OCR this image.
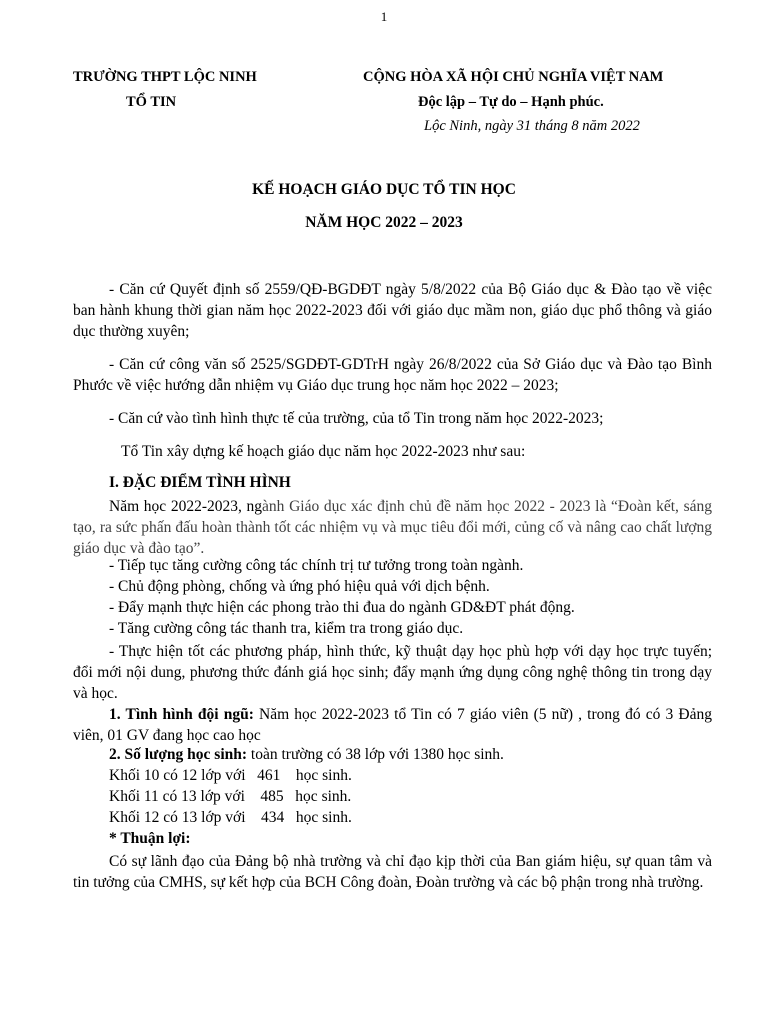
1
TRƯỜNG THPT LỘC NINH
TỔ TIN
CỘNG HÒA XÃ HỘI CHỦ NGHĨA VIỆT NAM
Độc lập – Tự do – Hạnh phúc.
Lộc Ninh, ngày 31 tháng 8 năm 2022
KẾ HOẠCH GIÁO DỤC TỔ TIN HỌC
NĂM HỌC 2022 – 2023
- Căn cứ Quyết định số 2559/QĐ-BGDĐT ngày 5/8/2022 của Bộ Giáo dục & Đào tạo về việc ban hành khung thời gian năm học 2022-2023 đối với giáo dục mầm non, giáo dục phổ thông và giáo dục thường xuyên;
- Căn cứ công văn số 2525/SGDĐT-GDTrH ngày 26/8/2022 của Sở Giáo dục và Đào tạo Bình Phước về việc hướng dẫn nhiệm vụ Giáo dục trung học năm học 2022 – 2023;
- Căn cứ vào tình hình thực tế của trường, của tổ Tin trong năm học 2022-2023;
Tổ Tin xây dựng kế hoạch giáo dục năm học 2022-2023 như sau:
I. ĐẶC ĐIỂM TÌNH HÌNH
Năm học 2022-2023, ngành Giáo dục xác định chủ đề năm học 2022 - 2023 là “Đoàn kết, sáng tạo, ra sức phấn đấu hoàn thành tốt các nhiệm vụ và mục tiêu đổi mới, củng cố và nâng cao chất lượng giáo dục và đào tạo”.
- Tiếp tục tăng cường công tác chính trị tư tưởng trong toàn ngành.
- Chủ động phòng, chống và ứng phó hiệu quả với dịch bệnh.
- Đẩy mạnh thực hiện các phong trào thi đua do ngành GD&ĐT phát động.
- Tăng cường công tác thanh tra, kiểm tra trong giáo dục.
- Thực hiện tốt các phương pháp, hình thức, kỹ thuật dạy học phù hợp với dạy học trực tuyến; đổi mới nội dung, phương thức đánh giá học sinh; đẩy mạnh ứng dụng công nghệ thông tin trong dạy và học.
1. Tình hình đội ngũ: Năm học 2022-2023 tổ Tin có 7 giáo viên (5 nữ) , trong đó có 3 Đảng viên, 01 GV đang học cao học
2. Số lượng học sinh: toàn trường có 38 lớp với 1380 học sinh.
Khối 10 có 12 lớp với   461    học sinh.
Khối 11 có 13 lớp với    485   học sinh.
Khối 12 có 13 lớp với    434   học sinh.
* Thuận lợi:
Có sự lãnh đạo của Đảng bộ nhà trường và chỉ đạo kịp thời của Ban giám hiệu, sự quan tâm và tin tưởng của CMHS, sự kết hợp của BCH Công đoàn, Đoàn trường và các bộ phận trong nhà trường.
